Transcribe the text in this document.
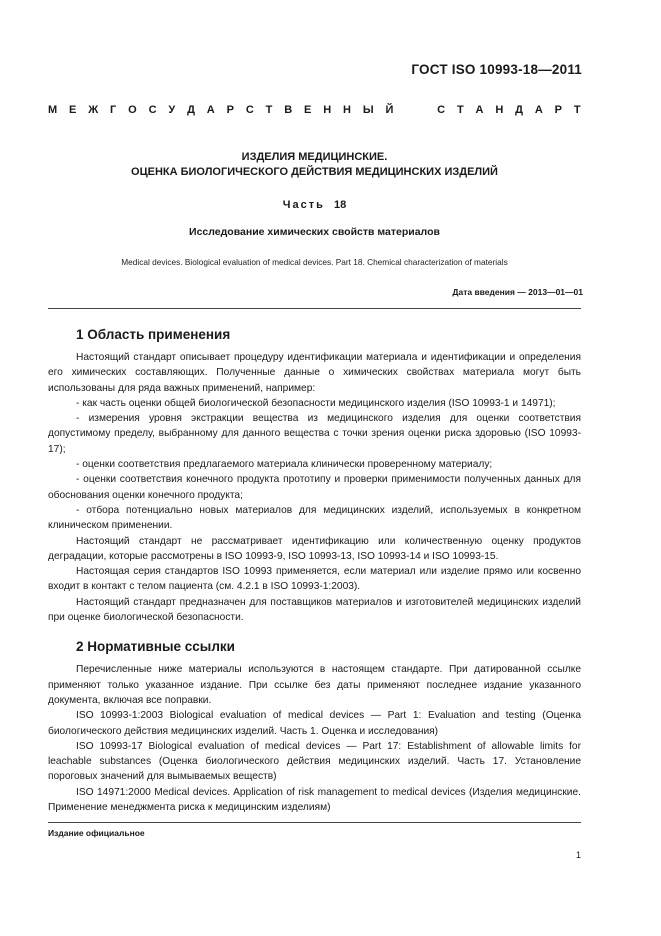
ГОСТ ISO 10993-18—2011
М Е Ж Г О С У Д А Р С Т В Е Н Н Ы Й	С Т А Н Д А Р Т
ИЗДЕЛИЯ МЕДИЦИНСКИЕ.
ОЦЕНКА БИОЛОГИЧЕСКОГО ДЕЙСТВИЯ МЕДИЦИНСКИХ ИЗДЕЛИЙ
Часть 18
Исследование химических свойств материалов
Medical devices. Biological evaluation of medical devices. Part 18. Chemical characterization of materials
Дата введения — 2013—01—01
1 Область применения

Настоящий стандарт описывает процедуру идентификации материала и идентификации и определения его химических составляющих. Полученные данные о химических свойствах материала могут быть использованы для ряда важных применений, например:

- как часть оценки общей биологической безопасности медицинского изделия (ISO 10993-1 и 14971);

- измерения уровня экстракции вещества из медицинского изделия для оценки соответствия допустимому пределу, выбранному для данного вещества с точки зрения оценки риска здоровью (ISO 10993-17);

- оценки соответствия предлагаемого материала клинически проверенному материалу;

- оценки соответствия конечного продукта прототипу и проверки применимости полученных данных для обоснования оценки конечного продукта;

- отбора потенциально новых материалов для медицинских изделий, используемых в конкретном клиническом применении.

Настоящий стандарт не рассматривает идентификацию или количественную оценку продуктов деградации, которые рассмотрены в ISO 10993-9, ISO 10993-13, ISO 10993-14 и ISO 10993-15.

Настоящая серия стандартов ISO 10993 применяется, если материал или изделие прямо или косвенно входит в контакт с телом пациента (см. 4.2.1 в ISO 10993-1:2003).

Настоящий стандарт предназначен для поставщиков материалов и изготовителей медицинских изделий при оценке биологической безопасности.

2 Нормативные ссылки

Перечисленные ниже материалы используются в настоящем стандарте. При датированной ссылке применяют только указанное издание. При ссылке без даты применяют последнее издание указанного документа, включая все поправки.

ISO 10993-1:2003 Biological evaluation of medical devices — Part 1: Evaluation and testing (Оценка биологического действия медицинских изделий. Часть 1. Оценка и исследования)

ISO 10993-17 Biological evaluation of medical devices — Part 17: Establishment of allowable limits for leachable substances (Оценка биологического действия медицинских изделий. Часть 17. Установление пороговых значений для вымываемых веществ)

ISO 14971:2000 Medical devices. Application of risk management to medical devices (Изделия медицинские. Применение менеджмента риска к медицинским изделиям)

Издание официальное
1
